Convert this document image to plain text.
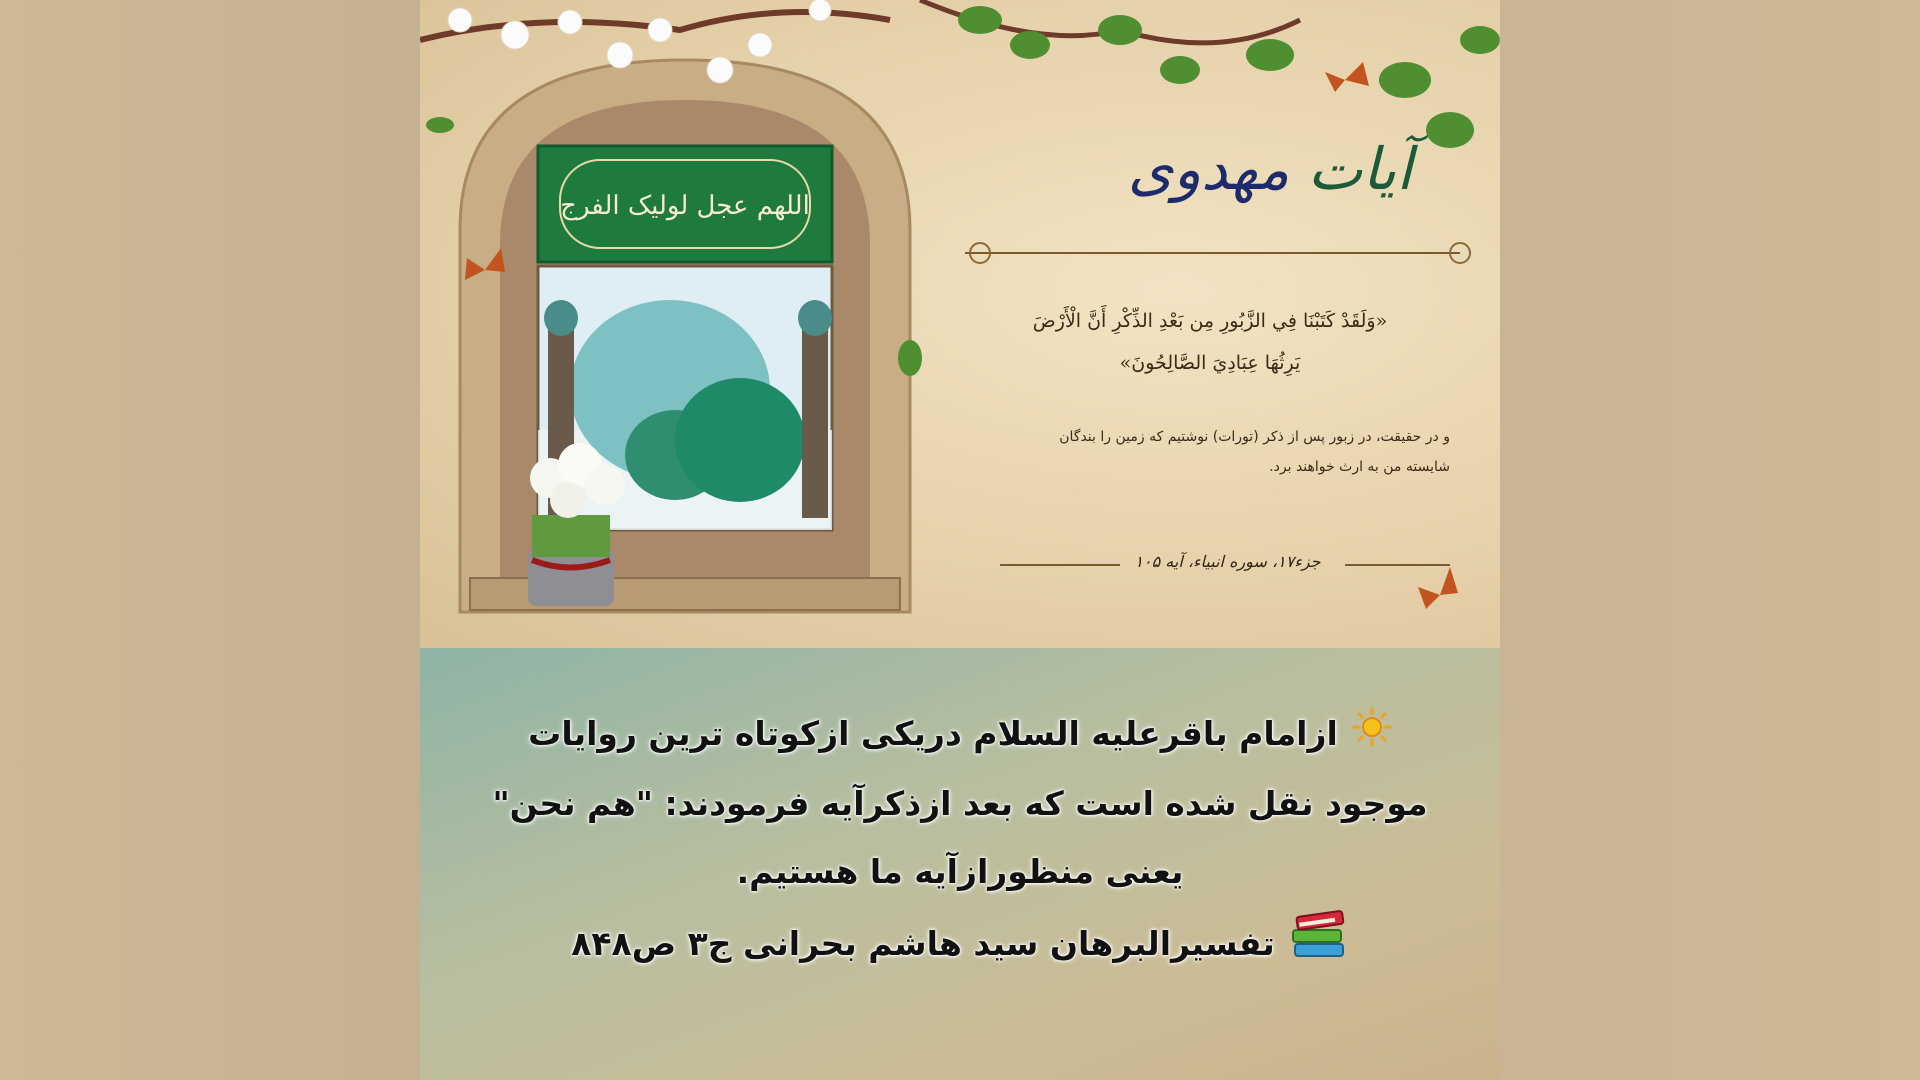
اللهم عجل لولیک الفرج
آیات مهدوی
«وَلَقَدْ كَتَبْنَا فِي الزَّبُورِ مِن بَعْدِ الذِّكْرِ أَنَّ الْأَرْضَ
يَرِثُهَا عِبَادِيَ الصَّالِحُونَ»
و در حقیقت، در زبور پس از ذکر (تورات) نوشتیم که زمین را بندگان
شایسته من به ارث خواهند برد.
جزء۱۷، سوره انبیاء، آیه ۱۰۵
ازامام باقرعلیه السلام دریکی ازکوتاه ترین روایات
موجود نقل شده است که بعد ازذکرآیه فرمودند: "هم نحن"
یعنی منظورازآیه ما هستیم.
تفسیرالبرهان سید هاشم بحرانی ج۳ ص۸۴۸
